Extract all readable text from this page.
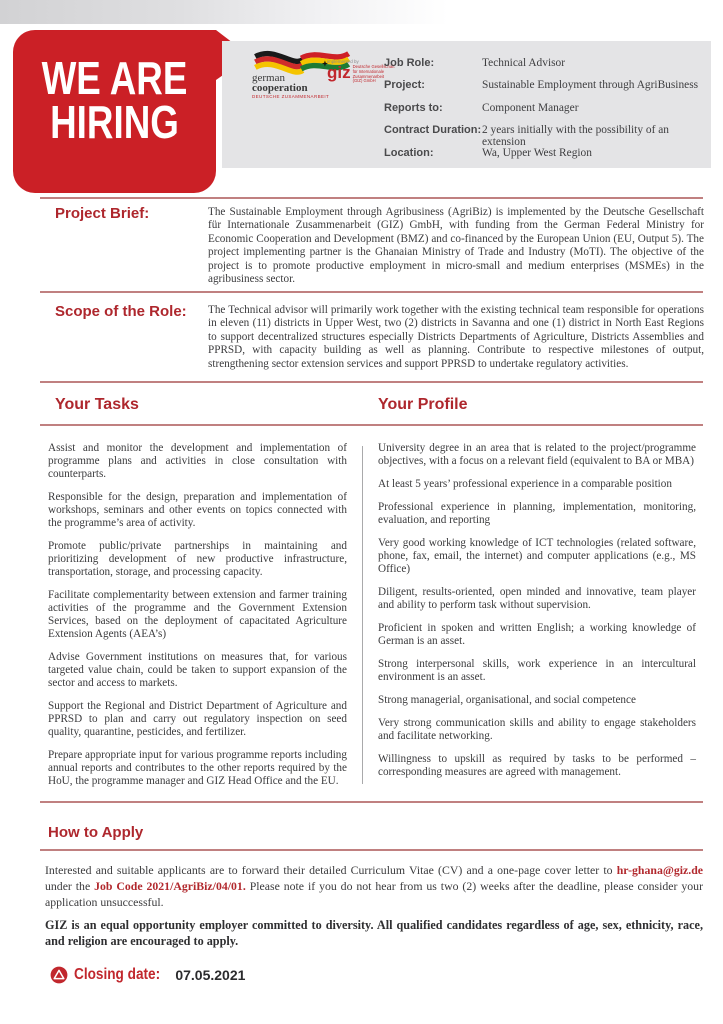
WE ARE
HIRING
german
cooperation
DEUTSCHE ZUSAMMENARBEIT
implemented by
giz Deutsche Gesellschaft für Internationale Zusammenarbeit (GIZ) GmbH
Job Role:	Technical Advisor
Project:	Sustainable Employment through AgriBusiness
Reports to:	Component Manager
Contract Duration: 2 years initially with the possibility of an extension
Location:	Wa, Upper West Region
Project Brief:	The Sustainable Employment through Agribusiness (AgriBiz) is implemented by the Deutsche Gesellschaft für Internationale Zusammenarbeit (GIZ) GmbH, with funding from the German Federal Ministry for Economic Cooperation and Development (BMZ) and co-financed by the European Union (EU, Output 5). The project implementing partner is the Ghanaian Ministry of Trade and Industry (MoTI). The objective of the project is to promote productive employment in micro-small and medium enterprises (MSMEs) in the agribusiness sector.
Scope of the Role: The Technical advisor will primarily work together with the existing technical team responsible for operations in eleven (11) districts in Upper West, two (2) districts in Savanna and one (1) district in North East Regions to support decentralized structures especially Districts Departments of Agriculture, Districts Assemblies and PPRSD, with capacity building as well as planning. Contribute to respective milestones of output, strengthening sector extension services and support PPRSD to undertake regulatory activities.
Your Tasks	Your Profile

Assist and monitor the development and implementation of programme plans and activities in close consultation with counterparts.

Responsible for the design, preparation and implementation of workshops, seminars and other events on topics connected with the programme’s area of activity.

Promote public/private partnerships in maintaining and prioritizing development of new productive infrastructure, transportation, storage, and processing capacity.

Facilitate complementarity between extension and farmer training activities of the programme and the Government Extension Services, based on the deployment of capacitated Agriculture Extension Agents (AEA’s)

Advise Government institutions on measures that, for various targeted value chain, could be taken to support expansion of the sector and access to markets.

Support the Regional and District Department of Agriculture and PPRSD to plan and carry out regulatory inspection on seed quality, quarantine, pesticides, and fertilizer.

Prepare appropriate input for various programme reports including annual reports and contributes to the other reports required by the HoU, the programme manager and GIZ Head Office and the EU.

University degree in an area that is related to the project/programme objectives, with a focus on a relevant field (equivalent to BA or MBA)

At least 5 years’ professional experience in a comparable position

Professional experience in planning, implementation, monitoring, evaluation, and reporting

Very good working knowledge of ICT technologies (related software, phone, fax, email, the internet) and computer applications (e.g., MS Office)

Diligent, results-oriented, open minded and innovative, team player and ability to perform task without supervision.

Proficient in spoken and written English; a working knowledge of German is an asset.

Strong interpersonal skills, work experience in an intercultural environment is an asset.

Strong managerial, organisational, and social competence

Very strong communication skills and ability to engage stakeholders and facilitate networking.

Willingness to upskill as required by tasks to be performed – corresponding measures are agreed with management.

How to Apply
Interested and suitable applicants are to forward their detailed Curriculum Vitae (CV) and a one-page cover letter to hr-ghana@giz.de under the Job Code 2021/AgriBiz/04/01. Please note if you do not hear from us two (2) weeks after the deadline, please consider your application unsuccessful.
GIZ is an equal opportunity employer committed to diversity. All qualified candidates regardless of age, sex, ethnicity, race, and religion are encouraged to apply.
Closing date: 07.05.2021
